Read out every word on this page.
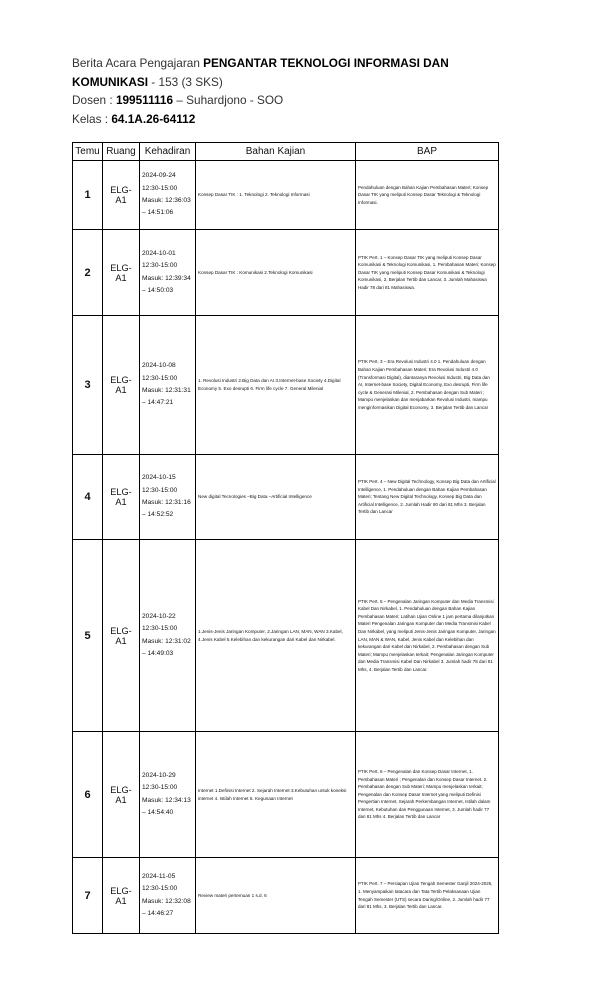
Berita Acara Pengajaran PENGANTAR TEKNOLOGI INFORMASI DAN
KOMUNIKASI - 153 (3 SKS)
Dosen : 199511116 – Suhardjono - SOO
Kelas : 64.1A.26-64112
Temu	Ruang	Kehadiran	Bahan Kajian	BAP
1	ELG-A1	2024-09-24 12:30-15:00 Masuk: 12:36:03 – 14:51:06	Konsep Dasar TIK : 1. Teknologi 2. Teknologi Informasi	Pendahuluan dengan Bahan Kajian Pembahasan Materi; Konsep Dasar TIK yang meliputi Konsep Dasar Teknologi & Teknologi Informasi.
2	ELG-A1	2024-10-01 12:30-15:00 Masuk: 12:39:34 – 14:50:03	Konsep Dasar TIK : Komunikasi 2.Teknologi Komunikasi	PTIK Pert. 1 – Konsep Dasar TIK yang meliputi Konsep Dasar Komunikasi & Teknologi Komunikasi, 1. Pembahasan Materi; Konsep Dasar TIK yang meliputi Konsep Dasar Komunikasi & Teknologi Komunikasi, 2. Berjalan Tertib dan Lancar, 3. Jumlah Mahasiswa Hadir 78 dari 81 Mahasiswa.
3	ELG-A1	2024-10-08 12:30-15:00 Masuk: 12:31:31 – 14:47:21	1. Revolusi Industri 2.Big Data dan AI 3.Internet-base Society 4.Digital Economy 5. Exo desrupti 6. Firm life cycle 7. General Milenial	PTIK Pert. 3 – Era Revolusi Industri 4.0 1. Pendahuluan dengan Bahan Kajian Pembahasan Materi; Era Revolusi Industri 4.0 (Transformasi Digital), diantaranya Revolusi Industri, Big Data dan AI, Internet-base Society, Digital Economy, Exo desrupti, Firm life cycle & Generasi Milenial, 2. Pembahasan dengan Sub Materi ; Mampu menjelaskan dan menjabarkan Revolusi Industri, mampu menginformasikan Digital Economy, 3. Berjalan Tertib dan Lancar
4	ELG-A1	2024-10-15 12:30-15:00 Masuk: 12:31:16 – 14:52:52	New digital Tecnologies –Big Data –Artificial Intelligence	PTIK Pert. 4 – New Digital Technology, Konsep Big Data dan Artificial Intelligence, 1. Pendahuluan dengan Bahan Kajian Pembahasan Materi; Tentang New Digital Technology, Konsep Big Data dan Artificial Intelligence, 2. Jumlah Hadir 80 dari 81 Mhs 3. Berjalan Tertib dan Lancar
5	ELG-A1	2024-10-22 12:30-15:00 Masuk: 12:31:02 – 14:49:03	1.Jenis-Jenis Jaringan Komputer, 2.Jaringan LAN, MAN, WAN 3.Kabel, 4.Jenis Kabel 5.Kelebihan dan kekurangan dari Kabel dan Nirkabel.	PTIK Pert. 5 – Pengenalan Jaringan Komputer dan Media Transmisi Kabel Dan Nirkabel, 1. Pendahuluan dengan Bahan Kajian Pembahasan Materi; Latihan Ujian Online 1 jam pertama dilanjutkan Materi Pengenalan Jaringan Komputer dan Media Transmisi Kabel Dan Nirkabel, yang meliputi Jenis-Jenis Jaringan Komputer, Jaringan LAN, MAN & WAN, Kabel, Jenis Kabel dan Kelebihan dan kekurangan dari Kabel dan Nirkabel, 2. Pembahasan dengan Sub Materi; Mampu menjelaskan terkait; Pengenalan Jaringan Komputer dan Media Transmisi Kabel Dan Nirkabel 3. Jumlah hadir 78 dari 81 Mhs, 4. Berjalan Tertib dan Lancar.
6	ELG-A1	2024-10-29 12:30-15:00 Masuk: 12:34:13 – 14:54:40	Internet 1.Definisi Internet 2. Sejarah Internet 3.Kebutuhan untuk koneksi internet 4. Istilah Internet 5. Kegunaan Internet	PTIK Pert. 6 – Pengenalan dan Konsep Dasar Internet, 1. Pembahasan Materi ; Pengenalan dan Konsep Dasar Internet. 2. Pembahasan dengan Sub Materi; Mampu menjelaskan terkait; Pengenalan dan Konsep Dasar Internet yang meliputi Definisi Pengertian Internet, Sejarah Perkembangan Internet, Istilah dalam Internet, Kebutuhan dan Penggunaan Internet, 3. Jumlah hadir 77 dari 81 Mhs 4. Berjalan Tertib dan Lancar
7	ELG-A1	2024-11-05 12:30-15:00 Masuk: 12:32:08 – 14:46:27	Review materi pertemuan 1 s.d. 6	PTIK Pert. 7 – Persiapan Ujian Tengah Semester Ganjil 2024-2025, 1. Menyampaikan tatacara dan Tata Tertib Pelaksanaan Ujian Tengah Semester (UTS) secara Daring/Online, 2. Jumlah hadir 77 dari 81 Mhs, 3. Berjalan Tertib dan Lancar.
